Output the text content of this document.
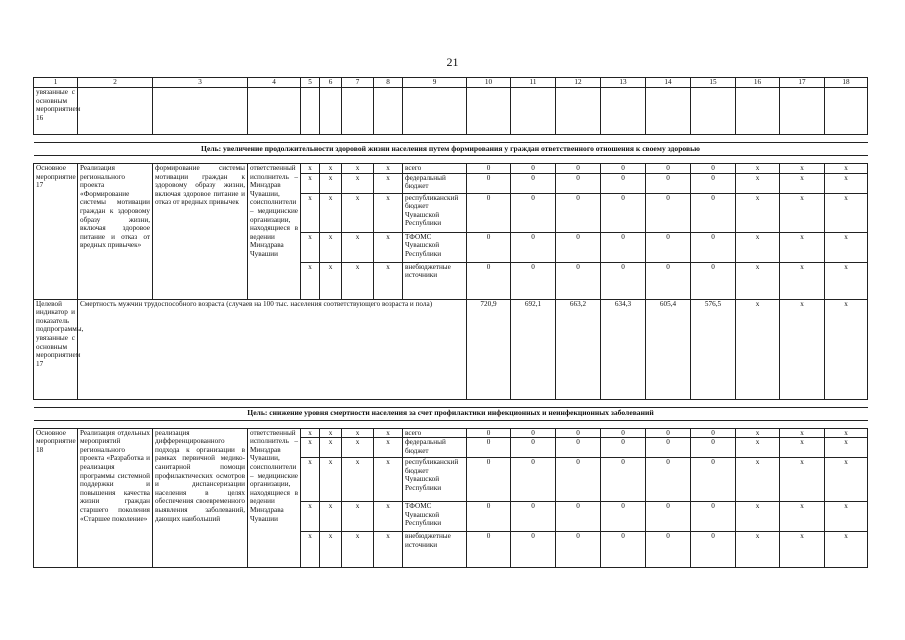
21
1	2	3	4	5	6	7	8	9	10	11	12	13	14	15	16	17	18
увязанные с основным мероприятием 16																	

Цель: увеличение продолжительности здоровой жизни населения путем формирования у граждан ответственного отношения к своему здоровью																	

Основное мероприятие 17	Реализация регионального проекта «Формирование системы мотивации граждан к здоровому образу жизни, включая здоровое питание и отказ от вредных привычек»	формирование системы мотивации граждан к здоровому образу жизни, включая здоровое питание и отказ от вредных привычек	ответственный исполнитель – Минздрав Чувашии, соисполнители – медицинские организации, находящиеся в ведении Минздрава Чувашии	x	x	x	x	всего	0	0	0	0	0	0	x	x	x
				x	x	x	x	федеральный бюджет	0	0	0	0	0	0	x	x	x
				x	x	x	x	республиканский бюджет Чувашской Республики	0	0	0	0	0	0	x	x	x
				x	x	x	x	ТФОМС Чувашской Республики	0	0	0	0	0	0	x	x	x
				x	x	x	x	внебюджетные источники	0	0	0	0	0	0	x	x	x
Целевой индикатор и показатель подпрограммы, увязанные с основным мероприятием 17	Смертность мужчин трудоспособного возраста (случаев на 100 тыс. населения соответствующего возраста и пола)								720,9	692,1	663,2	634,3	605,4	576,5	x	x	x

Цель: снижение уровня смертности населения за счет профилактики инфекционных и неинфекционных заболеваний																	

Основное мероприятие 18	Реализация отдельных мероприятий регионального проекта «Разработка и реализация программы системной поддержки и повышения качества жизни граждан старшего поколения «Старшее поколение»	реализация дифференцированного подхода к организации в рамках первичной медико-санитарной помощи профилактических осмотров и диспансеризации населения в целях обеспечения своевременного выявления заболеваний, дающих наибольший	ответственный исполнитель – Минздрав Чувашии, соисполнители – медицинские организации, находящиеся в ведении Минздрава Чувашии	x	x	x	x	всего	0	0	0	0	0	0	x	x	x
				x	x	x	x	федеральный бюджет	0	0	0	0	0	0	x	x	x
				x	x	x	x	республиканский бюджет Чувашской Республики	0	0	0	0	0	0	x	x	x
				x	x	x	x	ТФОМС Чувашской Республики	0	0	0	0	0	0	x	x	x
				x	x	x	x	внебюджетные источники	0	0	0	0	0	0	x	x	x
